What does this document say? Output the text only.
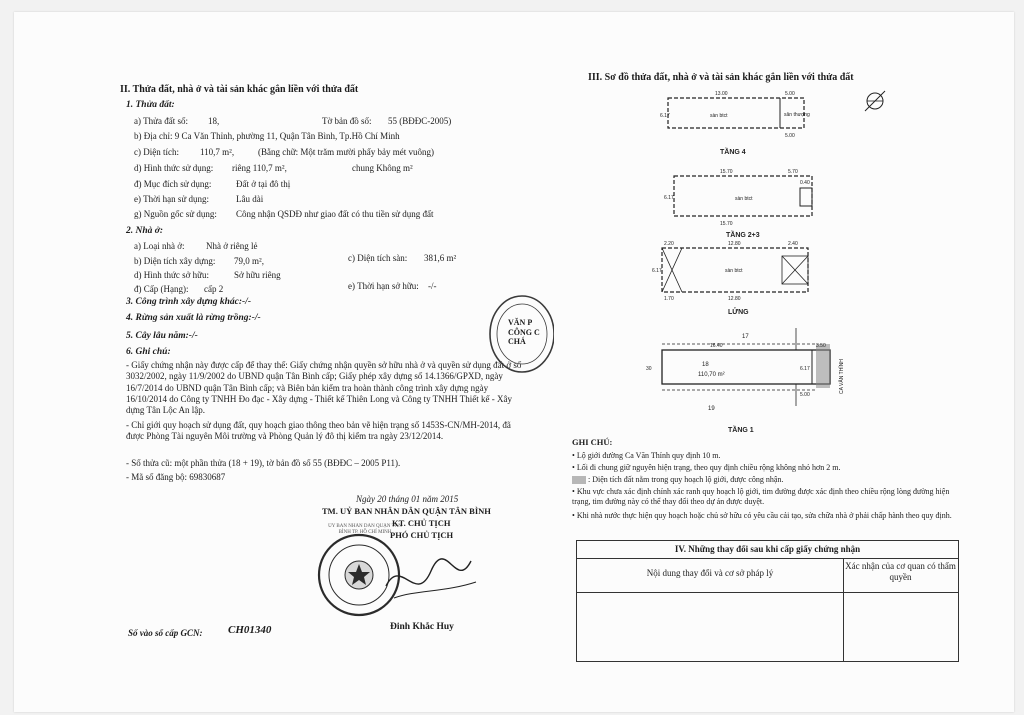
II. Thửa đất, nhà ở và tài sản khác gắn liền với thửa đất
1. Thửa đất:
a) Thửa đất số: 18,	Tờ bản đồ số: 55 (BĐĐC-2005)
b) Địa chỉ: 9 Ca Văn Thỉnh, phường 11, Quận Tân Bình, Tp.Hồ Chí Minh
c) Diện tích: 110,7 m²,	(Bằng chữ: Một trăm mười phẩy bảy mét vuông)
d) Hình thức sử dụng: riêng 110,7 m²,	chung Không m²
đ) Mục đích sử dụng:	Đất ở tại đô thị
e) Thời hạn sử dụng:	Lâu dài
g) Nguồn gốc sử dụng: Công nhận QSDĐ như giao đất có thu tiền sử dụng đất
2. Nhà ở:
a) Loại nhà ở: Nhà ở riêng lẻ
b) Diện tích xây dựng: 79,0 m²,	c) Diện tích sàn: 381,6 m²
d) Hình thức sở hữu:	Sở hữu riêng
đ) Cấp (Hạng): cấp 2	e) Thời hạn sở hữu: -/-
3. Công trình xây dựng khác:-/-
4. Rừng sản xuất là rừng trồng:-/-
5. Cây lâu năm:-/-
6. Ghi chú:
- Giấy chứng nhận này được cấp để thay thế: Giấy chứng nhận quyền sở hữu nhà ở và quyền sử dụng đất ở số 3032/2002, ngày 11/9/2002 do UBND quận Tân Bình cấp; Giấy phép xây dựng số 14.1366/GPXD, ngày 16/7/2014 do UBND quận Tân Bình cấp; và Biên bản kiểm tra hoàn thành công trình xây dựng ngày 16/10/2014 do Công ty TNHH Đo đạc - Xây dựng - Thiết kế Thiên Long và Công ty TNHH Thiết kế - Xây dựng Tân Lộc An lập.
- Chỉ giới quy hoạch sử dụng đất, quy hoạch giao thông theo bản vẽ hiện trạng số 1453S-CN/MH-2014, đã được Phòng Tài nguyên Môi trường và Phòng Quản lý đô thị kiểm tra ngày 23/12/2014.
- Số thửa cũ: một phần thửa (18 + 19), tờ bản đồ số 55 (BĐĐC – 2005 P11).
- Mã số đăng bộ: 69830687
VĂN P CÔNG C CHÁ
Ngày 20 tháng 01 năm 2015
TM. UỶ BAN NHÂN DÂN QUẬN TÂN BÌNH
KT. CHỦ TỊCH
PHÓ CHỦ TỊCH
ỦY BAN NHÂN DÂN QUẬN TÂN BÌNH TP. HỒ CHÍ MINH
Đinh Khắc Huy
Số vào sổ cấp GCN: CH01340
III. Sơ đồ thửa đất, nhà ở và tài sản khác gắn liền với thửa đất
sàn btct	sân thượng
13.00	5.00
6.17
5.00
TẦNG 4
sàn btct
15.70	5.70
6.17
0.40
15.70
TẦNG 2+3
sàn btct
12.80	2.40
2.20
6.17
12.80
1.70
LỬNG
18
110,70 m²
17
19
16.40	3.50
30	6.17
5.00
CA VĂN THỈNH
TẦNG 1
GHI CHÚ:
• Lộ giới đường Ca Văn Thỉnh quy định 10 m.
• Lối đi chung giữ nguyên hiện trạng, theo quy định chiều rộng không nhỏ hơn 2 m.
: Diện tích đất nằm trong quy hoạch lộ giới, được công nhận.
• Khu vực chưa xác định chính xác ranh quy hoạch lộ giới, tim đường được xác định theo chiều rộng lòng đường hiện trạng, tim đường này có thể thay đổi theo dự án được duyệt.
• Khi nhà nước thực hiện quy hoạch hoặc chủ sở hữu có yêu cầu cải tạo, sửa chữa nhà ở phải chấp hành theo quy định.
IV. Những thay đổi sau khi cấp giấy chứng nhận
Nội dung thay đổi và cơ sở pháp lý
Xác nhận của cơ quan có thẩm quyền
